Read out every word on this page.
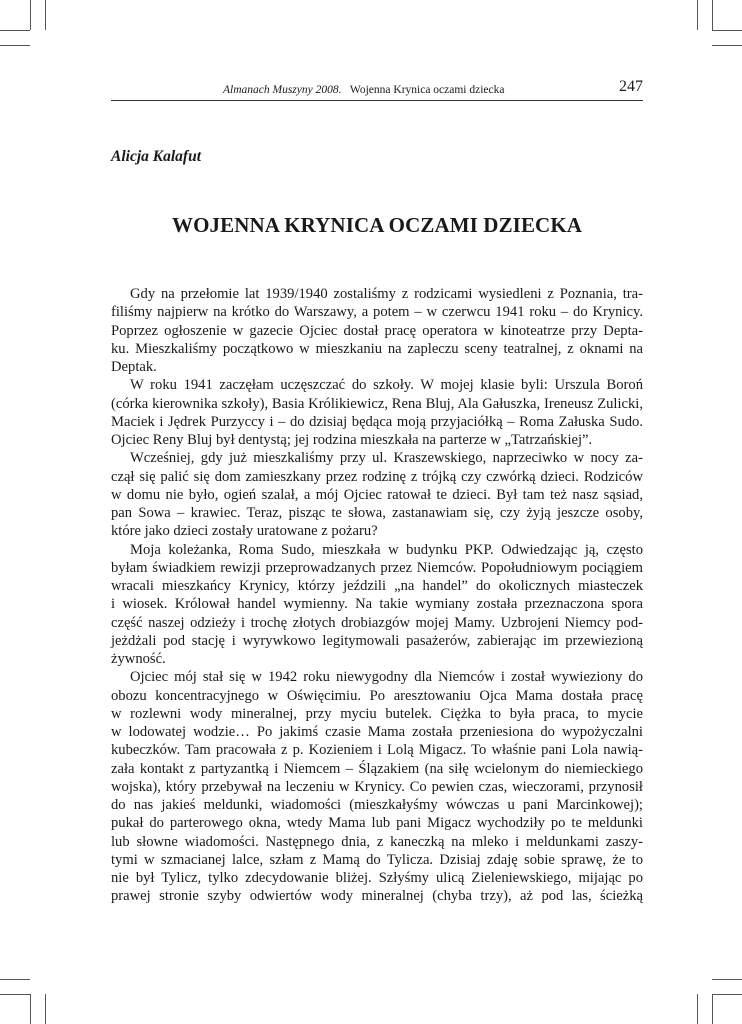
Almanach Muszyny 2008. Wojenna Krynica oczami dziecka	247
Alicja Kalafut
WOJENNA KRYNICA OCZAMI DZIECKA
Gdy na przełomie lat 1939/1940 zostaliśmy z rodzicami wysiedleni z Poznania, tra-
filiśmy najpierw na krótko do Warszawy, a potem – w czerwcu 1941 roku – do Krynicy.
Poprzez ogłoszenie w gazecie Ojciec dostał pracę operatora w kinoteatrze przy Depta-
ku. Mieszkaliśmy początkowo w mieszkaniu na zapleczu sceny teatralnej, z oknami na
Deptak.
W roku 1941 zaczęłam uczęszczać do szkoły. W mojej klasie byli: Urszula Boroń
(córka kierownika szkoły), Basia Królikiewicz, Rena Bluj, Ala Gałuszka, Ireneusz Zulicki,
Maciek i Jędrek Purzyccy i – do dzisiaj będąca moją przyjaciółką – Roma Załuska Sudo.
Ojciec Reny Bluj był dentystą; jej rodzina mieszkała na parterze w „Tatrzańskiej”.
Wcześniej, gdy już mieszkaliśmy przy ul. Kraszewskiego, naprzeciwko w nocy za-
czął się palić się dom zamieszkany przez rodzinę z trójką czy czwórką dzieci. Rodziców
w domu nie było, ogień szalał, a mój Ojciec ratował te dzieci. Był tam też nasz sąsiad,
pan Sowa – krawiec. Teraz, pisząc te słowa, zastanawiam się, czy żyją jeszcze osoby,
które jako dzieci zostały uratowane z pożaru?
Moja koleżanka, Roma Sudo, mieszkała w budynku PKP. Odwiedzając ją, często
byłam świadkiem rewizji przeprowadzanych przez Niemców. Popołudniowym pociągiem
wracali mieszkańcy Krynicy, którzy jeździli „na handel” do okolicznych miasteczek
i wiosek. Królował handel wymienny. Na takie wymiany została przeznaczona spora
część naszej odzieży i trochę złotych drobiazgów mojej Mamy. Uzbrojeni Niemcy pod-
jeżdżali pod stację i wyrywkowo legitymowali pasażerów, zabierając im przewiezioną
żywność.
Ojciec mój stał się w 1942 roku niewygodny dla Niemców i został wywieziony do
obozu koncentracyjnego w Oświęcimiu. Po aresztowaniu Ojca Mama dostała pracę
w rozlewni wody mineralnej, przy myciu butelek. Ciężka to była praca, to mycie
w lodowatej wodzie… Po jakimś czasie Mama została przeniesiona do wypożyczalni
kubeczków. Tam pracowała z p. Kozieniem i Lolą Migacz. To właśnie pani Lola nawią-
zała kontakt z partyzantką i Niemcem – Ślązakiem (na siłę wcielonym do niemieckiego
wojska), który przebywał na leczeniu w Krynicy. Co pewien czas, wieczorami, przynosił
do nas jakieś meldunki, wiadomości (mieszkałyśmy wówczas u pani Marcinkowej);
pukał do parterowego okna, wtedy Mama lub pani Migacz wychodziły po te meldunki
lub słowne wiadomości. Następnego dnia, z kaneczką na mleko i meldunkami zaszy-
tymi w szmacianej lalce, szłam z Mamą do Tylicza. Dzisiaj zdaję sobie sprawę, że to
nie był Tylicz, tylko zdecydowanie bliżej. Szłyśmy ulicą Zieleniewskiego, mijając po
prawej stronie szyby odwiertów wody mineralnej (chyba trzy), aż pod las, ścieżką
